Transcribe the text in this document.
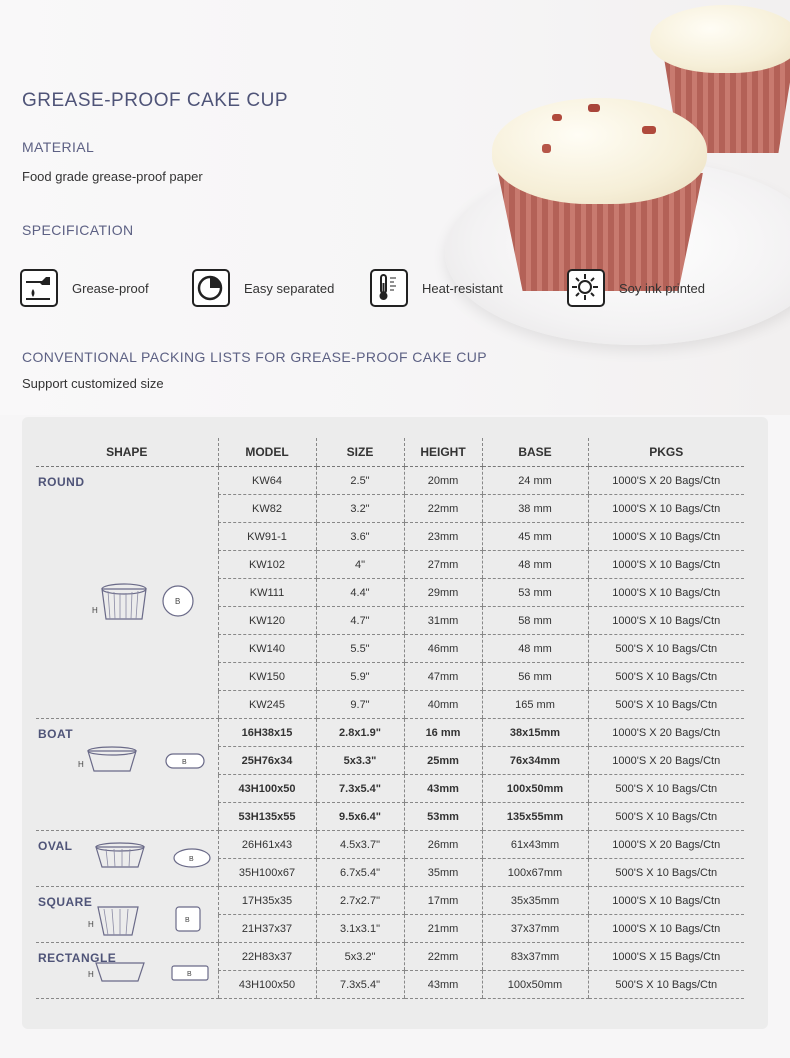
GREASE-PROOF CAKE CUP
MATERIAL
Food grade grease-proof paper
SPECIFICATION
Grease-proof	Easy separated	Heat-resistant	Soy ink printed
CONVENTIONAL PACKING LISTS FOR GREASE-PROOF CAKE CUP
Support customized size
SHAPE	MODEL	SIZE	HEIGHT	BASE	PKGS

ROUND
H
B	KW64	2.5"	20mm	24 mm	1000'S X 20 Bags/Ctn
	KW82	3.2"	22mm	38 mm	1000'S X 10 Bags/Ctn
	KW91-1	3.6"	23mm	45 mm	1000'S X 10 Bags/Ctn
	KW102	4"	27mm	48 mm	1000'S X 10 Bags/Ctn
	KW111	4.4"	29mm	53 mm	1000'S X 10 Bags/Ctn
	KW120	4.7"	31mm	58 mm	1000'S X 10 Bags/Ctn
	KW140	5.5"	46mm	48 mm	500'S X 10 Bags/Ctn
	KW150	5.9"	47mm	56 mm	500'S X 10 Bags/Ctn
	KW245	9.7"	40mm	165 mm	500'S X 10 Bags/Ctn

BOAT
H B	16H38x15	2.8x1.9"	16 mm	38x15mm	1000'S X 20 Bags/Ctn
	25H76x34	5x3.3"	25mm	76x34mm	1000'S X 20 Bags/Ctn
	43H100x50	7.3x5.4"	43mm	100x50mm	500'S X 10 Bags/Ctn
	53H135x55	9.5x6.4"	53mm	135x55mm	500'S X 10 Bags/Ctn

OVAL
B	26H61x43	4.5x3.7"	26mm	61x43mm	1000'S X 20 Bags/Ctn
	35H100x67	6.7x5.4"	35mm	100x67mm	500'S X 10 Bags/Ctn

SQUARE
H B	17H35x35	2.7x2.7"	17mm	35x35mm	1000'S X 10 Bags/Ctn
	21H37x37	3.1x3.1"	21mm	37x37mm	1000'S X 10 Bags/Ctn

RECTANGLE
H B	22H83x37	5x3.2"	22mm	83x37mm	1000'S X 15 Bags/Ctn
	43H100x50	7.3x5.4"	43mm	100x50mm	500'S X 10 Bags/Ctn
